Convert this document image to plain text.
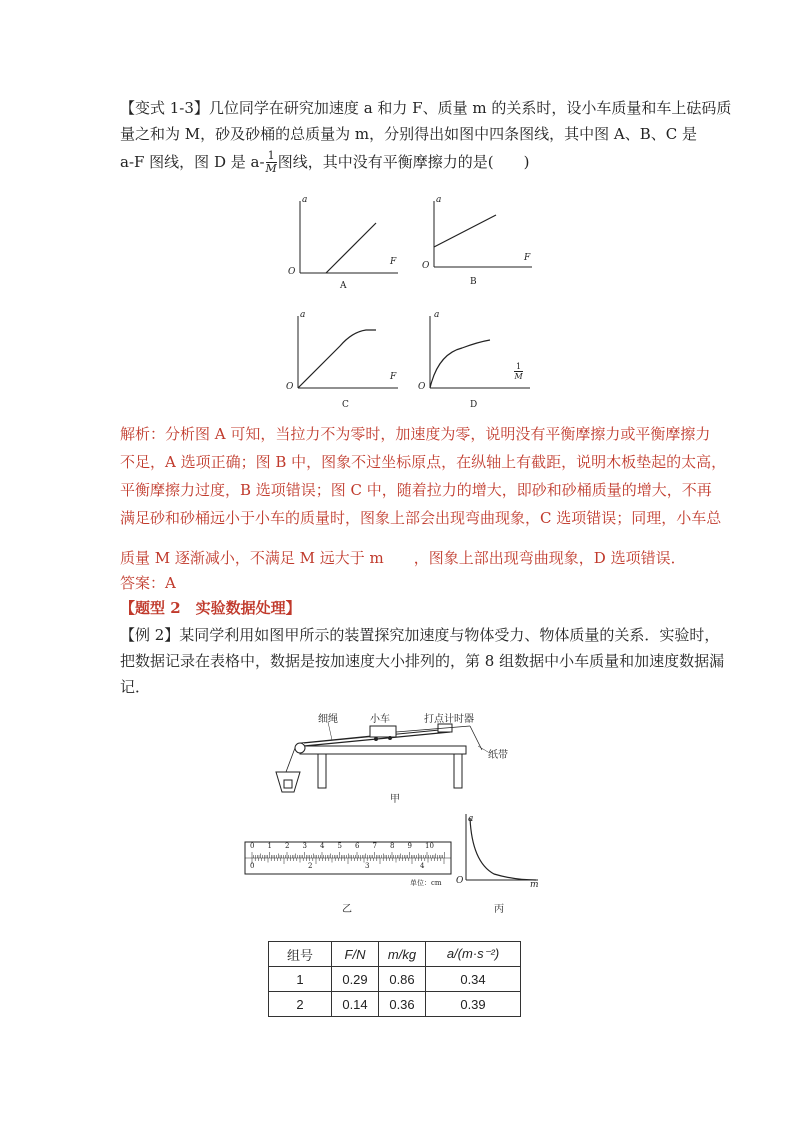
【变式 1-3】几位同学在研究加速度 a 和力 F、质量 m 的关系时，设小车质量和车上砝码质
量之和为 M，砂及砂桶的总质量为 m，分别得出如图中四条图线，其中图 A、B、C 是
a-F 图线，图 D 是 $a- \frac{1}{M}$ 图线，其中没有平衡摩擦力的是(　　)
a
F
O
A
a
F
O
B
a
F
O
C
a
$\frac{1}{M}$
O
D
解析：分析图 A 可知，当拉力不为零时，加速度为零，说明没有平衡摩擦力或平衡摩擦力
不足，A 选项正确；图 B 中，图象不过坐标原点，在纵轴上有截距，说明木板垫起的太高，
平衡摩擦力过度，B 选项错误；图 C 中，随着拉力的增大，即砂和砂桶质量的增大，不再
满足砂和砂桶远小于小车的质量时，图象上部会出现弯曲现象，C 选项错误；同理，小车总
质量 M 逐渐减小，不满足 M 远大于 m　　，图象上部出现弯曲现象，D 选项错误．
答案：A
【题型 2　实验数据处理】
【例 2】某同学利用如图甲所示的装置探究加速度与物体受力、物体质量的关系．实验时，
把数据记录在表格中，数据是按加速度大小排列的，第 8 组数据中小车质量和加速度数据漏
记．
细绳	小车	打点计时器
纸带
甲
0 1 2 3 4 5 6 7 8 9 10
0	2	3	4
单位：cm
乙
a
m
O
丙
组号	F/N	m/kg	a/(m·s⁻²)
1	0.29	0.86	0.34
2	0.14	0.36	0.39
